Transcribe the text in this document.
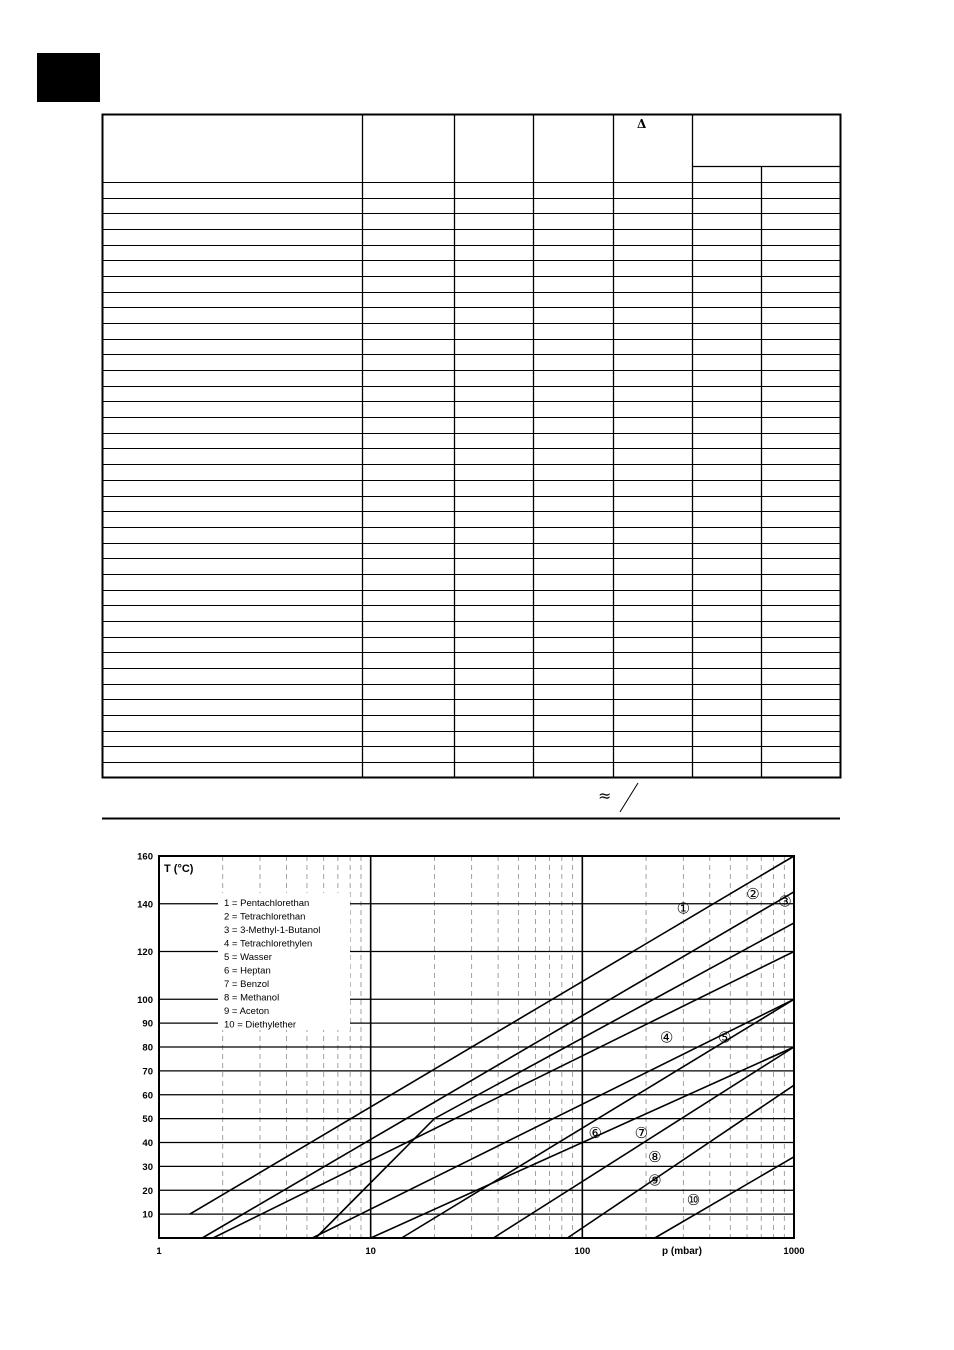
Δ
≈
1 = Pentachlorethan
2 = Tetrachlorethan
3 = 3-Methyl-1-Butanol
4 = Tetrachlorethylen
5 = Wasser
6 = Heptan
7 = Benzol
8 = Methanol
9 = Aceton
10 = Diethylether
1	10	100	1000
10
20
30
40
50
60
70
80
90
100
120
140
160
①
② ③
④	⑤
⑥ ⑦
⑧
⑨
⑩
T (°C)
p (mbar)
